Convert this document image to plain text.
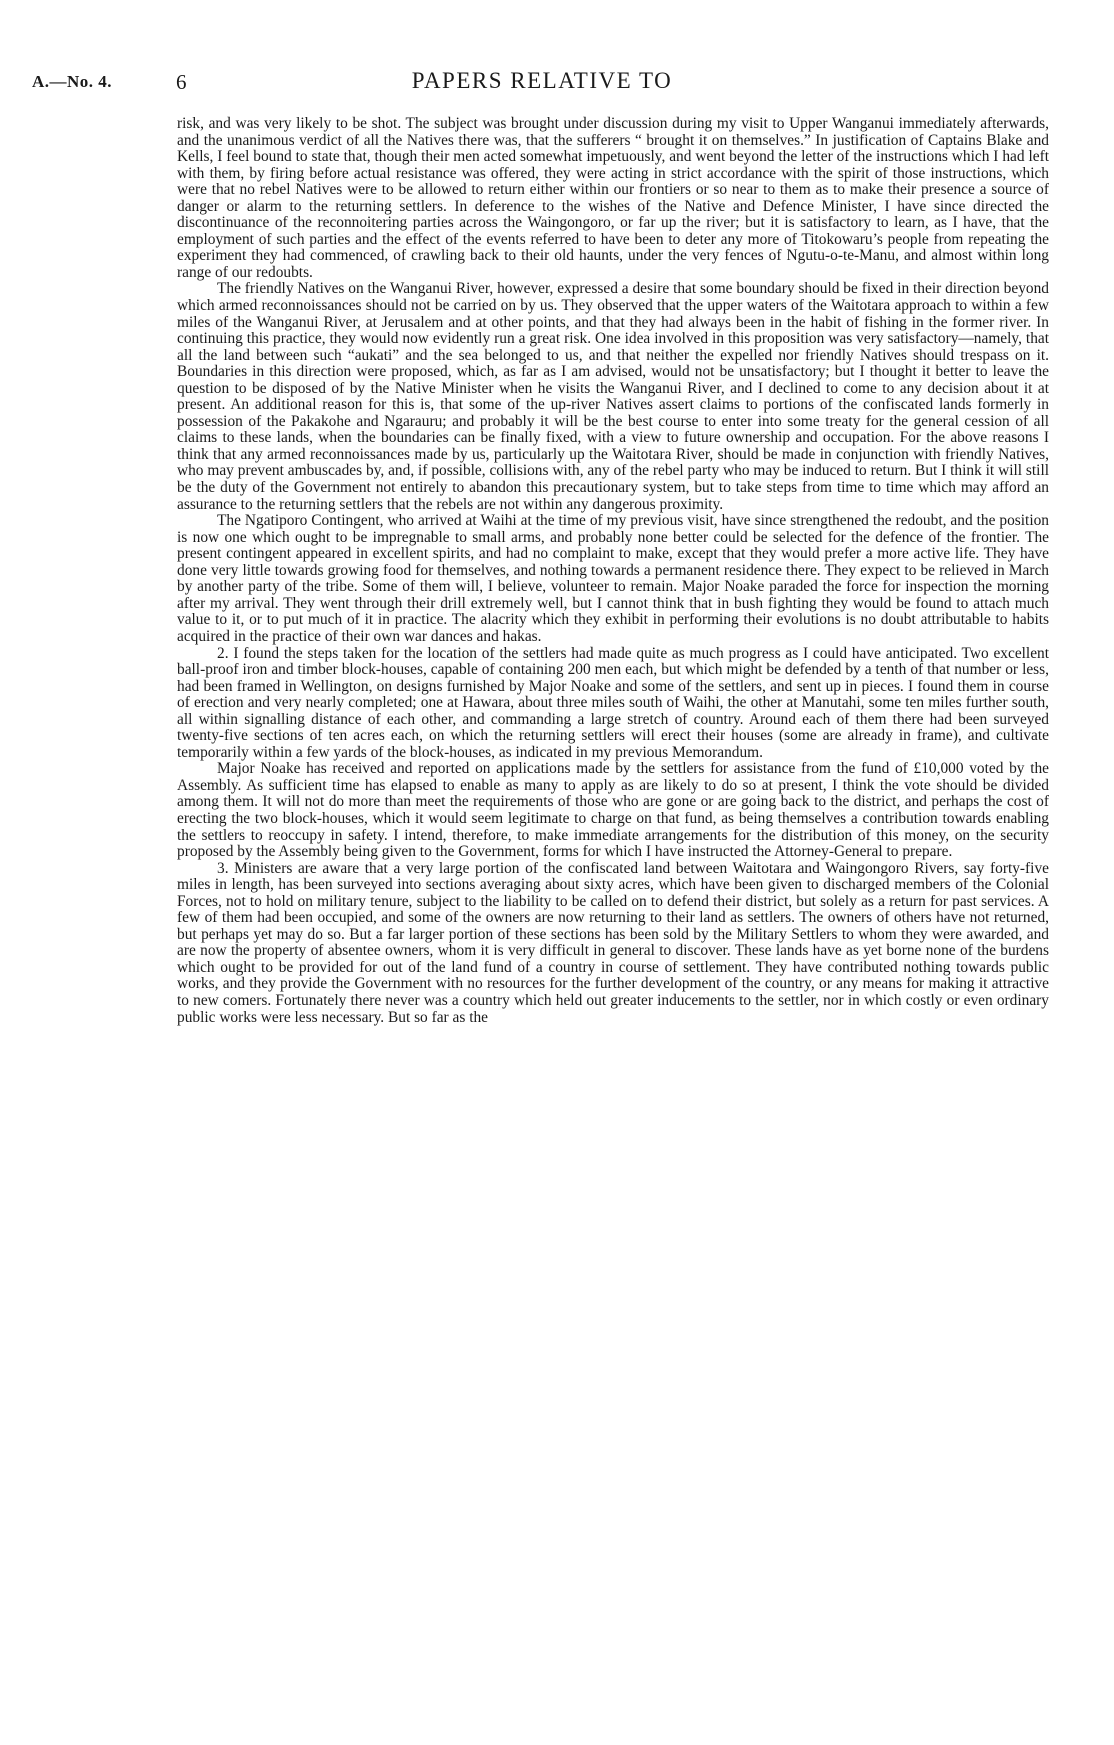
A.—No. 4.	6	PAPERS RELATIVE TO

risk, and was very likely to be shot. The subject was brought under discussion during my visit to Upper Wanganui immediately afterwards, and the unanimous verdict of all the Natives there was, that the sufferers “ brought it on themselves.” In justification of Captains Blake and Kells, I feel bound to state that, though their men acted somewhat impetuously, and went beyond the letter of the instructions which I had left with them, by firing before actual resistance was offered, they were acting in strict accordance with the spirit of those instructions, which were that no rebel Natives were to be allowed to return either within our frontiers or so near to them as to make their presence a source of danger or alarm to the returning settlers. In deference to the wishes of the Native and Defence Minister, I have since directed the discontinuance of the reconnoitering parties across the Waingongoro, or far up the river; but it is satisfactory to learn, as I have, that the employment of such parties and the effect of the events referred to have been to deter any more of Titokowaru’s people from repeating the experiment they had commenced, of crawling back to their old haunts, under the very fences of Ngutu-o-te-Manu, and almost within long range of our redoubts.

The friendly Natives on the Wanganui River, however, expressed a desire that some boundary should be fixed in their direction beyond which armed reconnoissances should not be carried on by us. They observed that the upper waters of the Waitotara approach to within a few miles of the Wanganui River, at Jerusalem and at other points, and that they had always been in the habit of fishing in the former river. In continuing this practice, they would now evidently run a great risk. One idea involved in this proposition was very satisfactory—namely, that all the land between such “aukati” and the sea belonged to us, and that neither the expelled nor friendly Natives should trespass on it. Boundaries in this direction were proposed, which, as far as I am advised, would not be unsatisfactory; but I thought it better to leave the question to be disposed of by the Native Minister when he visits the Wanganui River, and I declined to come to any decision about it at present. An additional reason for this is, that some of the up-river Natives assert claims to portions of the confiscated lands formerly in possession of the Pakakohe and Ngarauru; and probably it will be the best course to enter into some treaty for the general cession of all claims to these lands, when the boundaries can be finally fixed, with a view to future ownership and occupation. For the above reasons I think that any armed reconnoissances made by us, particularly up the Waitotara River, should be made in conjunction with friendly Natives, who may prevent ambuscades by, and, if possible, collisions with, any of the rebel party who may be induced to return. But I think it will still be the duty of the Government not entirely to abandon this precautionary system, but to take steps from time to time which may afford an assurance to the returning settlers that the rebels are not within any dangerous proximity.

The Ngatiporo Contingent, who arrived at Waihi at the time of my previous visit, have since strengthened the redoubt, and the position is now one which ought to be impregnable to small arms, and probably none better could be selected for the defence of the frontier. The present contingent appeared in excellent spirits, and had no complaint to make, except that they would prefer a more active life. They have done very little towards growing food for themselves, and nothing towards a permanent residence there. They expect to be relieved in March by another party of the tribe. Some of them will, I believe, volunteer to remain. Major Noake paraded the force for inspection the morning after my arrival. They went through their drill extremely well, but I cannot think that in bush fighting they would be found to attach much value to it, or to put much of it in practice. The alacrity which they exhibit in performing their evolutions is no doubt attributable to habits acquired in the practice of their own war dances and hakas.

2. I found the steps taken for the location of the settlers had made quite as much progress as I could have anticipated. Two excellent ball-proof iron and timber block-houses, capable of containing 200 men each, but which might be defended by a tenth of that number or less, had been framed in Wellington, on designs furnished by Major Noake and some of the settlers, and sent up in pieces. I found them in course of erection and very nearly completed; one at Hawara, about three miles south of Waihi, the other at Manutahi, some ten miles further south, all within signalling distance of each other, and commanding a large stretch of country. Around each of them there had been surveyed twenty-five sections of ten acres each, on which the returning settlers will erect their houses (some are already in frame), and cultivate temporarily within a few yards of the block-houses, as indicated in my previous Memorandum.

Major Noake has received and reported on applications made by the settlers for assistance from the fund of £10,000 voted by the Assembly. As sufficient time has elapsed to enable as many to apply as are likely to do so at present, I think the vote should be divided among them. It will not do more than meet the requirements of those who are gone or are going back to the district, and perhaps the cost of erecting the two block-houses, which it would seem legitimate to charge on that fund, as being themselves a contribution towards enabling the settlers to reoccupy in safety. I intend, therefore, to make immediate arrangements for the distribution of this money, on the security proposed by the Assembly being given to the Government, forms for which I have instructed the Attorney-General to prepare.

3. Ministers are aware that a very large portion of the confiscated land between Waitotara and Waingongoro Rivers, say forty-five miles in length, has been surveyed into sections averaging about sixty acres, which have been given to discharged members of the Colonial Forces, not to hold on military tenure, subject to the liability to be called on to defend their district, but solely as a return for past services. A few of them had been occupied, and some of the owners are now returning to their land as settlers. The owners of others have not returned, but perhaps yet may do so. But a far larger portion of these sections has been sold by the Military Settlers to whom they were awarded, and are now the property of absentee owners, whom it is very difficult in general to discover. These lands have as yet borne none of the burdens which ought to be provided for out of the land fund of a country in course of settlement. They have contributed nothing towards public works, and they provide the Government with no resources for the further development of the country, or any means for making it attractive to new comers. Fortunately there never was a country which held out greater inducements to the settler, nor in which costly or even ordinary public works were less necessary. But so far as the
